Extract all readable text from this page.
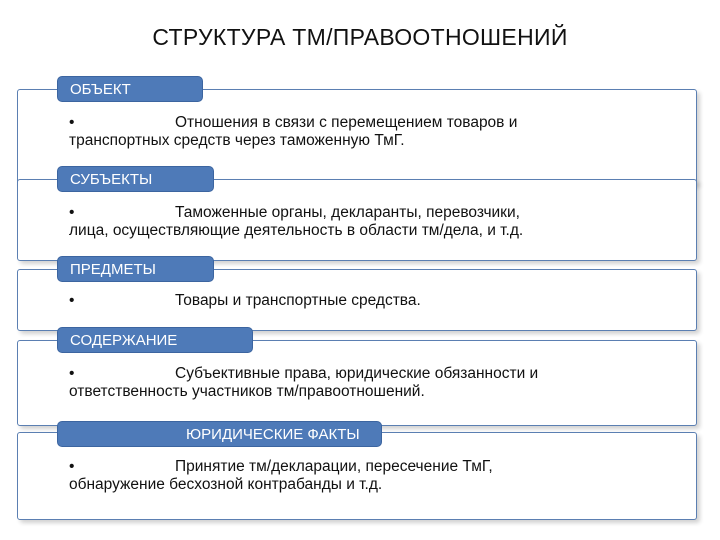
СТРУКТУРА ТМ/ПРАВООТНОШЕНИЙ
ОБЪЕКТ
•	Отношения в связи с перемещением товаров и
транспортных средств через таможенную ТмГ.
СУБЪЕКТЫ
•	Таможенные органы, декларанты, перевозчики,
лица, осуществляющие деятельность в области тм/дела, и т.д.
ПРЕДМЕТЫ
•	Товары и транспортные средства.
СОДЕРЖАНИЕ
•	Субъективные права, юридические обязанности и
ответственность участников тм/правоотношений.
ЮРИДИЧЕСКИЕ ФАКТЫ
•	Принятие тм/декларации, пересечение ТмГ,
обнаружение бесхозной контрабанды и т.д.
